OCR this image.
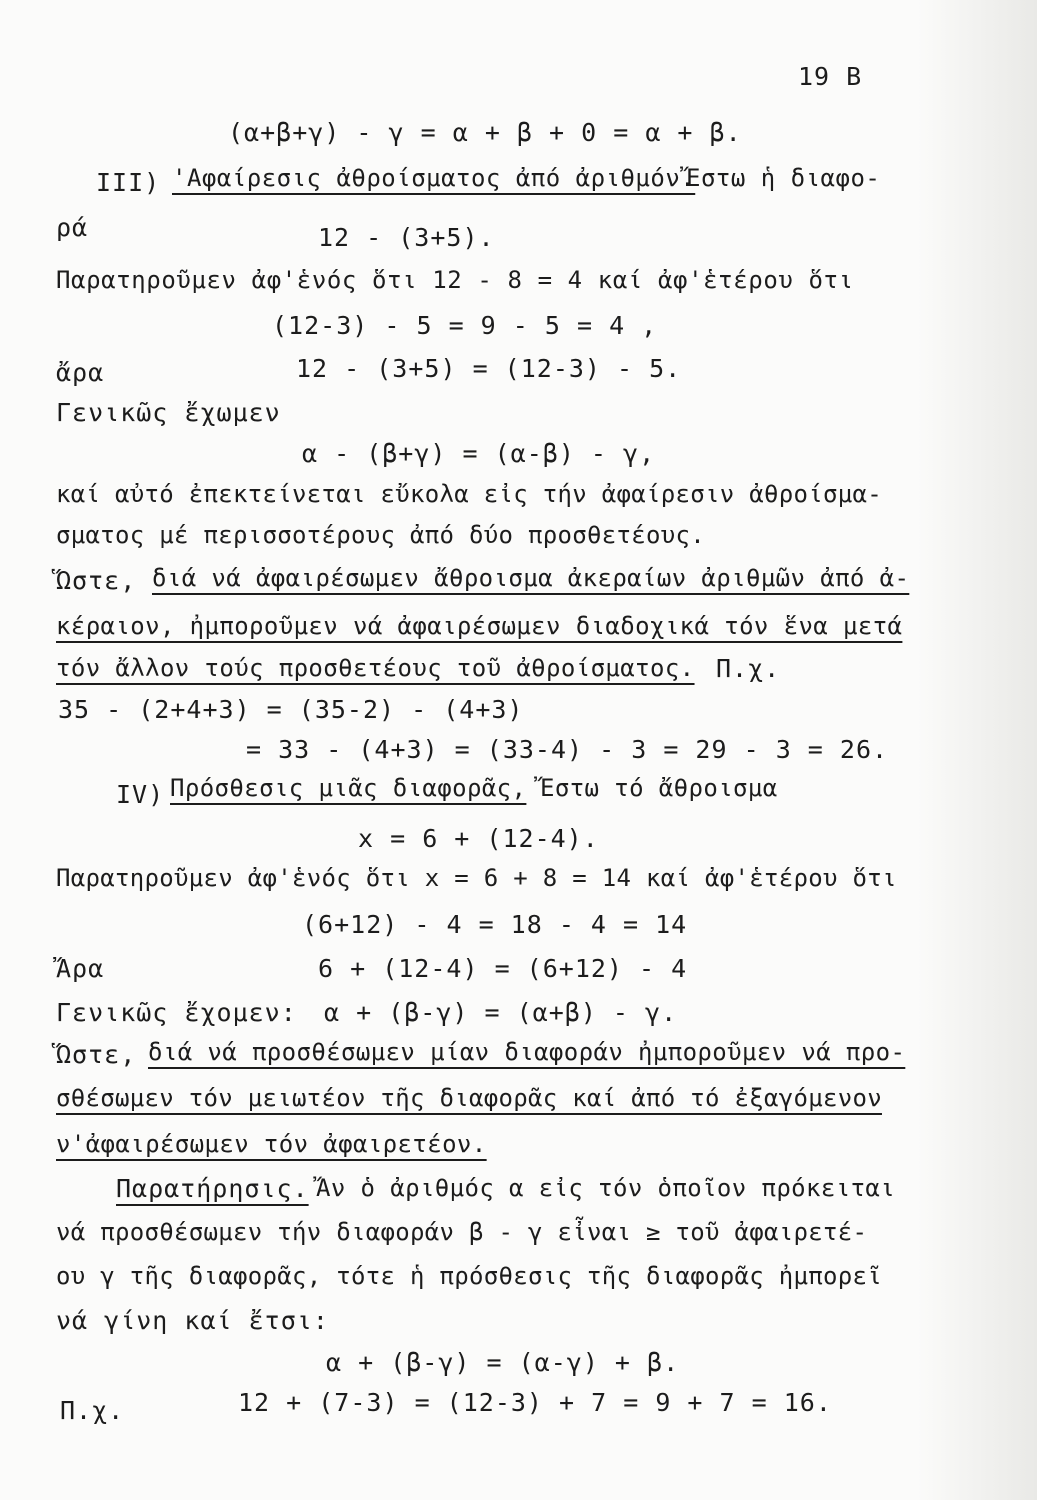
19 B
(α+β+γ) - γ = α + β + 0 = α + β.
III) 'Αφαίρεσις ἀθροίσματος ἀπό ἀριθμόν.
Ἔστω ἡ διαφο-
ρά	12 - (3+5).
Παρατηροῦμεν ἀφ'ἑνός ὅτι 12 - 8 = 4 καί ἀφ'ἑτέρου ὅτι
(12-3) - 5 = 9 - 5 = 4 ,
ἄρα	12 - (3+5) = (12-3) - 5.
Γενικῶς ἔχωμεν
α - (β+γ) = (α-β) - γ,
καί αὐτό ἐπεκτείνεται εὔκολα εἰς τήν ἀφαίρεσιν ἀθροίσμα-
σματος μέ περισσοτέρους ἀπό δύο προσθετέους.
Ὥστε, διά νά ἀφαιρέσωμεν ἄθροισμα ἀκεραίων ἀριθμῶν ἀπό ἀ-
κέραιον, ἠμποροῦμεν νά ἀφαιρέσωμεν διαδοχικά τόν ἕνα μετά
τόν ἄλλον τούς προσθετέους τοῦ ἀθροίσματος. Π.χ.
35 - (2+4+3) = (35-2) - (4+3)
= 33 - (4+3) = (33-4) - 3 = 29 - 3 = 26.
IV) Πρόσθεσις μιᾶς διαφορᾶς, Ἔστω τό ἄθροισμα
x = 6 + (12-4).
Παρατηροῦμεν ἀφ'ἑνός ὅτι x = 6 + 8 = 14 καί ἀφ'ἑτέρου ὅτι
(6+12) - 4 = 18 - 4 = 14
Ἄρα	6 + (12-4) = (6+12) - 4
Γενικῶς ἔχομεν: α + (β-γ) = (α+β) - γ.
Ὥστε, διά νά προσθέσωμεν μίαν διαφοράν ἠμποροῦμεν νά προ-
σθέσωμεν τόν μειωτέον τῆς διαφορᾶς καί ἀπό τό ἐξαγόμενον
ν'ἀφαιρέσωμεν τόν ἀφαιρετέον.
Παρατήρησις. Ἄν ὁ ἀριθμός α εἰς τόν ὁποῖον πρόκειται
νά προσθέσωμεν τήν διαφοράν β - γ εἶναι ≥ τοῦ ἀφαιρετέ-
ου γ τῆς διαφορᾶς, τότε ἡ πρόσθεσις τῆς διαφορᾶς ἠμπορεῖ
νά γίνη καί ἔτσι:
α + (β-γ) = (α-γ) + β.
Π.χ.	12 + (7-3) = (12-3) + 7 = 9 + 7 = 16.
